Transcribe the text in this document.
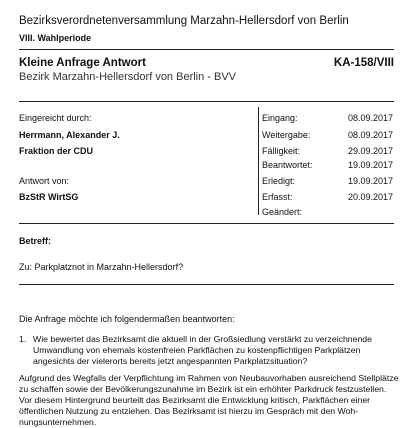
Bezirksverordnetenversammlung Marzahn-Hellersdorf von Berlin
VIII. Wahlperiode
Kleine Anfrage Antwort	KA-158/VIII
Bezirk Marzahn-Hellersdorf von Berlin - BVV
Eingereicht durch:
Herrmann, Alexander J.
Fraktion der CDU
Antwort von:
BzStR WirtSG
Eingang:	08.09.2017
Weitergabe:	08.09.2017
Fälligkeit:	29.09.2017
Beantwortet:	19.09.2017
Erledigt:	19.09.2017
Erfasst:	20.09.2017
Geändert:
Betreff:
Zu: Parkplatznot in Marzahn-Hellersdorf?
Die Anfrage möchte ich folgendermaßen beantworten:
1. Wie bewertet das Bezirksamt die aktuell in der Großsiedlung verstärkt zu verzeichnende Umwandlung von ehemals kostenfreien Parkflächen zu kostenpflichtigen Parkplätzen angesichts der vielerorts bereits jetzt angespannten Parkplatzsituation?
Aufgrund des Wegfalls der Verpflichtung im Rahmen von Neubauvorhaben ausreichend Stellplätze zu schaffen sowie der Bevölkerungszunahme im Bezirk ist ein erhöhter Parkdruck festzustellen. Vor diesem Hintergrund beurteilt das Bezirksamt die Entwicklung kritisch, Parkflächen einer öffentlichen Nutzung zu entziehen. Das Bezirksamt ist hierzu im Gespräch mit den Woh-nungsunternehmen.
